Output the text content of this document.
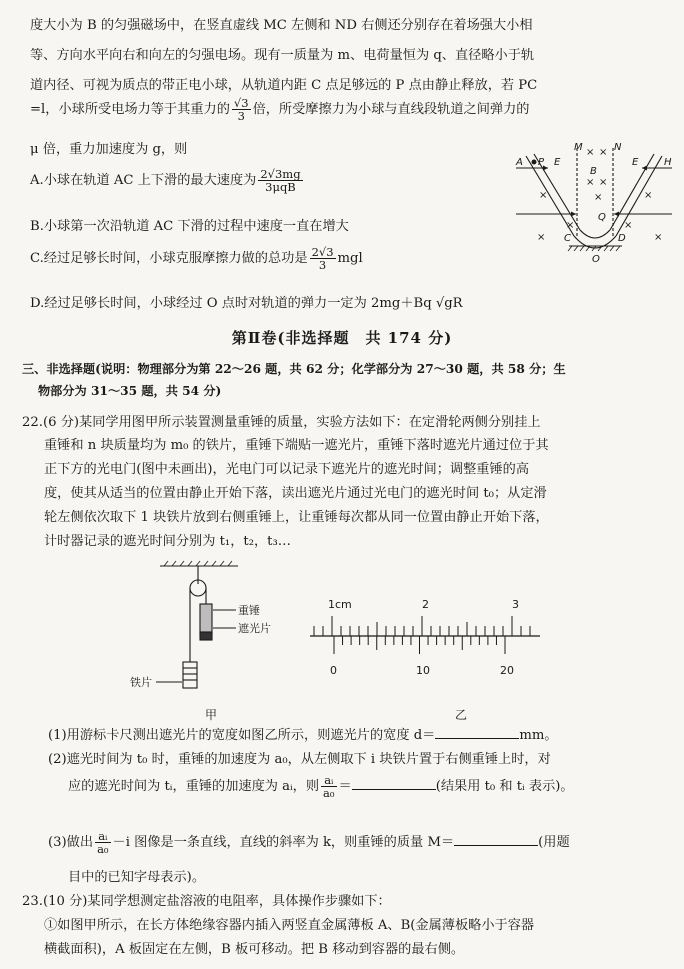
度大小为 B 的匀强磁场中，在竖直虚线 MC 左侧和 ND 右侧还分别存在着场强大小相
等、方向水平向右和向左的匀强电场。现有一质量为 m、电荷量恒为 q、直径略小于轨
道内径、可视为质点的带正电小球，从轨道内距 C 点足够远的 P 点由静止释放，若 PC
=l，小球所受电场力等于其重力的 $\frac{√3}{3}$ 倍，所受摩擦力为小球与直线段轨道之间弹力的
μ 倍，重力加速度为 g，则
A.小球在轨道 AC 上下滑的最大速度为 $\frac{2√3mg}{\text{3μqB}}$
B.小球第一次沿轨道 AC 下滑的过程中速度一直在增大
C.经过足够长时间，小球克服摩擦力做的总功是 $\frac{2√3}{3}$ mgl
D.经过足够长时间，小球经过 O 点时对轨道的弹力一定为 2mg＋Bq √gR
× ×
× ×
×	×
×
×	×
×	×
A P E
M	N
E	H
B
Q
C	D
O
第Ⅱ卷(非选择题　共 174 分)
三、非选择题(说明：物理部分为第 22～26 题，共 62 分；化学部分为 27～30 题，共 58 分；生
物部分为 31～35 题，共 54 分)
22.(6 分)某同学用图甲所示装置测量重锤的质量，实验方法如下：在定滑轮两侧分别挂上
重锤和 n 块质量均为 m₀ 的铁片，重锤下端贴一遮光片，重锤下落时遮光片通过位于其
正下方的光电门(图中未画出)，光电门可以记录下遮光片的遮光时间；调整重锤的高
度，使其从适当的位置由静止开始下落，读出遮光片通过光电门的遮光时间 t₀；从定滑
轮左侧依次取下 1 块铁片放到右侧重锤上，让重锤每次都从同一位置由静止开始下落，
计时器记录的遮光时间分别为 t₁，t₂，t₃…
重锤
遮光片
铁片
甲
1cm	2	3
0	10	20
乙
(1)用游标卡尺测出遮光片的宽度如图乙所示，则遮光片的宽度 d＝	mm。
(2)遮光时间为 t₀ 时，重锤的加速度为 a₀，从左侧取下 i 块铁片置于右侧重锤上时，对
应的遮光时间为 tᵢ，重锤的加速度为 aᵢ，则 $\frac{\text{aᵢ}}{\text{a₀}}$ ＝	(结果用 t₀ 和 tᵢ 表示)。
(3)做出 $\frac{\text{aᵢ}}{\text{a₀}} -i$ 图像是一条直线，直线的斜率为 k，则重锤的质量 M＝	(用题
目中的已知字母表示)。
23.(10 分)某同学想测定盐溶液的电阻率，具体操作步骤如下：
①如图甲所示，在长方体绝缘容器内插入两竖直金属薄板 A、B(金属薄板略小于容器
横截面积)，A 板固定在左侧，B 板可移动。把 B 移动到容器的最右侧。
